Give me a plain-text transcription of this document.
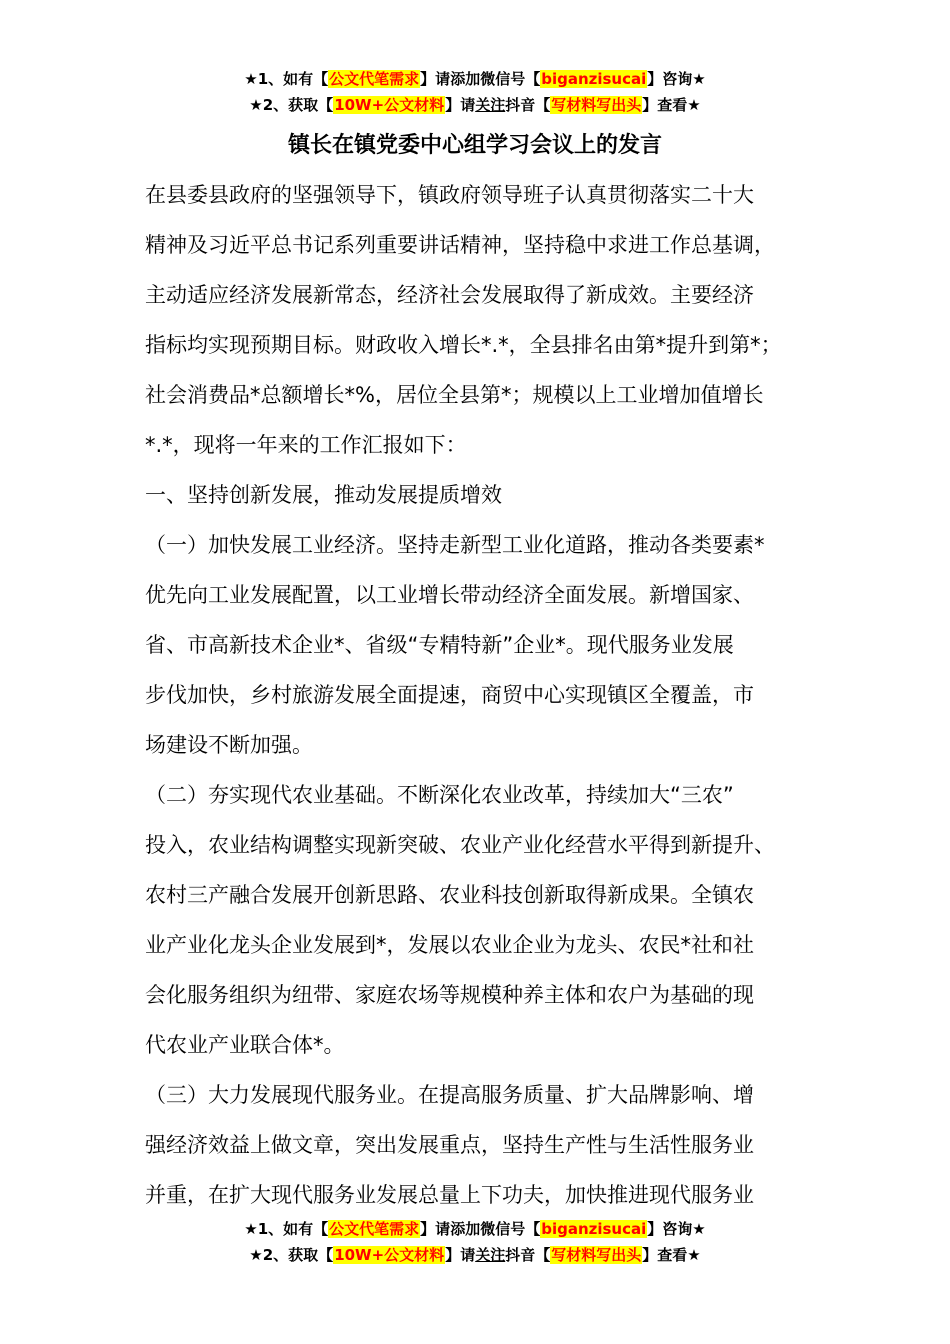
★1、如有【公文代笔需求】请添加微信号【biganzisucai】咨询★
★2、获取【10W+公文材料】请关注抖音【写材料写出头】查看★
镇长在镇党委中心组学习会议上的发言

在县委县政府的坚强领导下，镇政府领导班子认真贯彻落实二十大

精神及习近平总书记系列重要讲话精神，坚持稳中求进工作总基调，

主动适应经济发展新常态，经济社会发展取得了新成效。主要经济

指标均实现预期目标。财政收入增长*.*，全县排名由第*提升到第*；

社会消费品*总额增长*%，居位全县第*；规模以上工业增加值增长

*.*，现将一年来的工作汇报如下：

一、坚持创新发展，推动发展提质增效

（一）加快发展工业经济。坚持走新型工业化道路，推动各类要素*

优先向工业发展配置，以工业增长带动经济全面发展。新增国家、

省、市高新技术企业*、省级“专精特新”企业*。现代服务业发展

步伐加快，乡村旅游发展全面提速，商贸中心实现镇区全覆盖，市

场建设不断加强。

（二）夯实现代农业基础。不断深化农业改革，持续加大“三农”

投入，农业结构调整实现新突破、农业产业化经营水平得到新提升、

农村三产融合发展开创新思路、农业科技创新取得新成果。全镇农

业产业化龙头企业发展到*，发展以农业企业为龙头、农民*社和社

会化服务组织为纽带、家庭农场等规模种养主体和农户为基础的现

代农业产业联合体*。

（三）大力发展现代服务业。在提高服务质量、扩大品牌影响、增

强经济效益上做文章，突出发展重点，坚持生产性与生活性服务业

并重，在扩大现代服务业发展总量上下功夫，加快推进现代服务业

★1、如有【公文代笔需求】请添加微信号【biganzisucai】咨询★
★2、获取【10W+公文材料】请关注抖音【写材料写出头】查看★
